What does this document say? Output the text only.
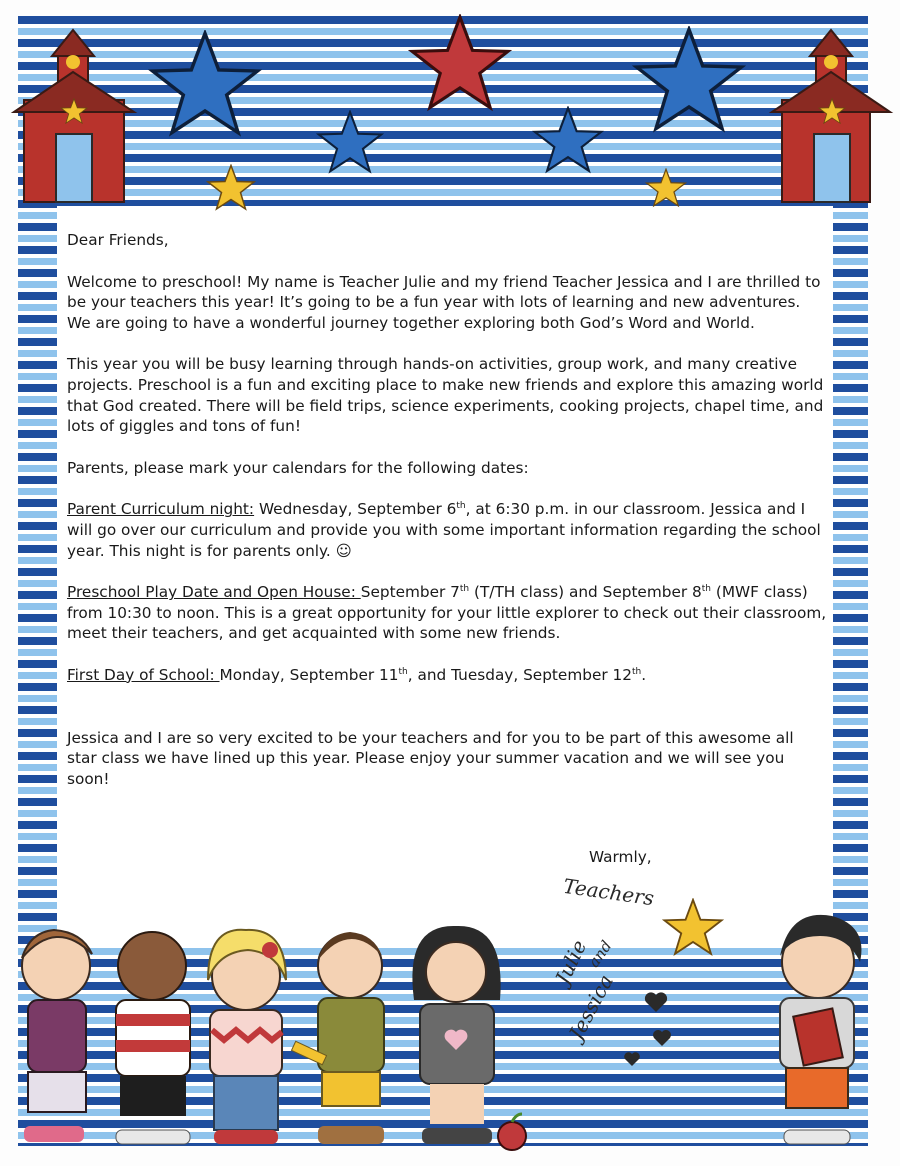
Dear Friends,

Welcome to preschool! My name is Teacher Julie and my friend Teacher Jessica and I are thrilled to be your teachers this year! It’s going to be a fun year with lots of learning and new adventures. We are going to have a wonderful journey together exploring both God’s Word and World.

This year you will be busy learning through hands-on activities, group work, and many creative projects. Preschool is a fun and exciting place to make new friends and explore this amazing world that God created. There will be field trips, science experiments, cooking projects, chapel time, and lots of giggles and tons of fun!

Parents, please mark your calendars for the following dates:

Parent Curriculum night: Wednesday, September 6th, at 6:30 p.m. in our classroom. Jessica and I will go over our curriculum and provide you with some important information regarding the school year. This night is for parents only. ☺

Preschool Play Date and Open House: September 7th (T/TH class) and September 8th (MWF class) from 10:30 to noon. This is a great opportunity for your little explorer to check out their classroom, meet their teachers, and get acquainted with some new friends.

First Day of School: Monday, September 11th, and Tuesday, September 12th.

Jessica and I are so very excited to be your teachers and for you to be part of this awesome all star class we have lined up this year. Please enjoy your summer vacation and we will see you soon!

Warmly,
Teachers
Julie
and
Jessica
